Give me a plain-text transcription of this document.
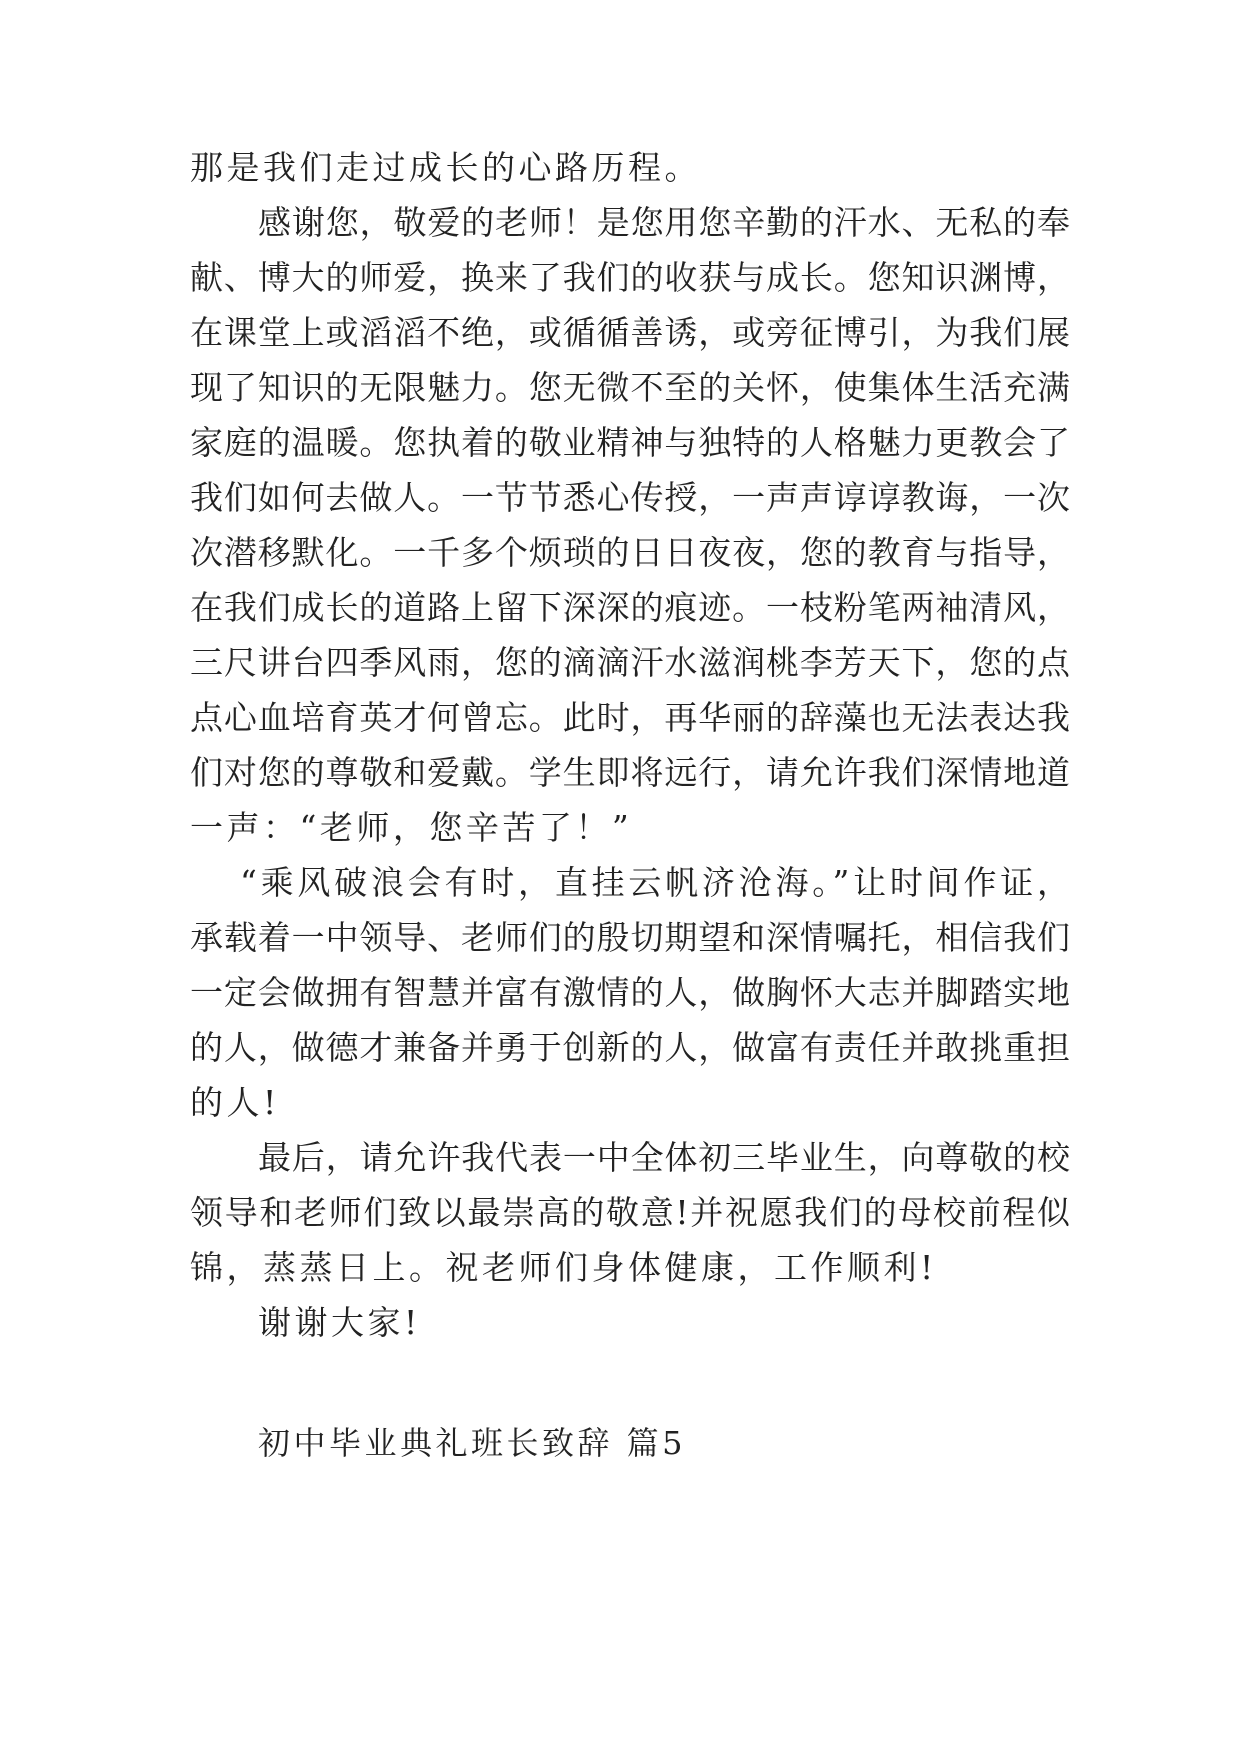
那是我们走过成长的心路历程。
感谢您，敬爱的老师！是您用您辛勤的汗水、无私的奉
献、博大的师爱，换来了我们的收获与成长。您知识渊博，
在课堂上或滔滔不绝，或循循善诱，或旁征博引，为我们展
现了知识的无限魅力。您无微不至的关怀，使集体生活充满
家庭的温暖。您执着的敬业精神与独特的人格魅力更教会了
我们如何去做人。一节节悉心传授，一声声谆谆教诲，一次
次潜移默化。一千多个烦琐的日日夜夜，您的教育与指导，
在我们成长的道路上留下深深的痕迹。一枝粉笔两袖清风，
三尺讲台四季风雨，您的滴滴汗水滋润桃李芳天下，您的点
点心血培育英才何曾忘。此时，再华丽的辞藻也无法表达我
们对您的尊敬和爱戴。学生即将远行，请允许我们深情地道
一声：“老师，您辛苦了！”
“乘风破浪会有时，直挂云帆济沧海。”让时间作证，
承载着一中领导、老师们的殷切期望和深情嘱托，相信我们
一定会做拥有智慧并富有激情的人，做胸怀大志并脚踏实地
的人，做德才兼备并勇于创新的人，做富有责任并敢挑重担
的人!
最后，请允许我代表一中全体初三毕业生，向尊敬的校
领导和老师们致以最崇高的敬意!并祝愿我们的母校前程似
锦，蒸蒸日上。祝老师们身体健康，工作顺利!
谢谢大家!
初中毕业典礼班长致辞 篇5
